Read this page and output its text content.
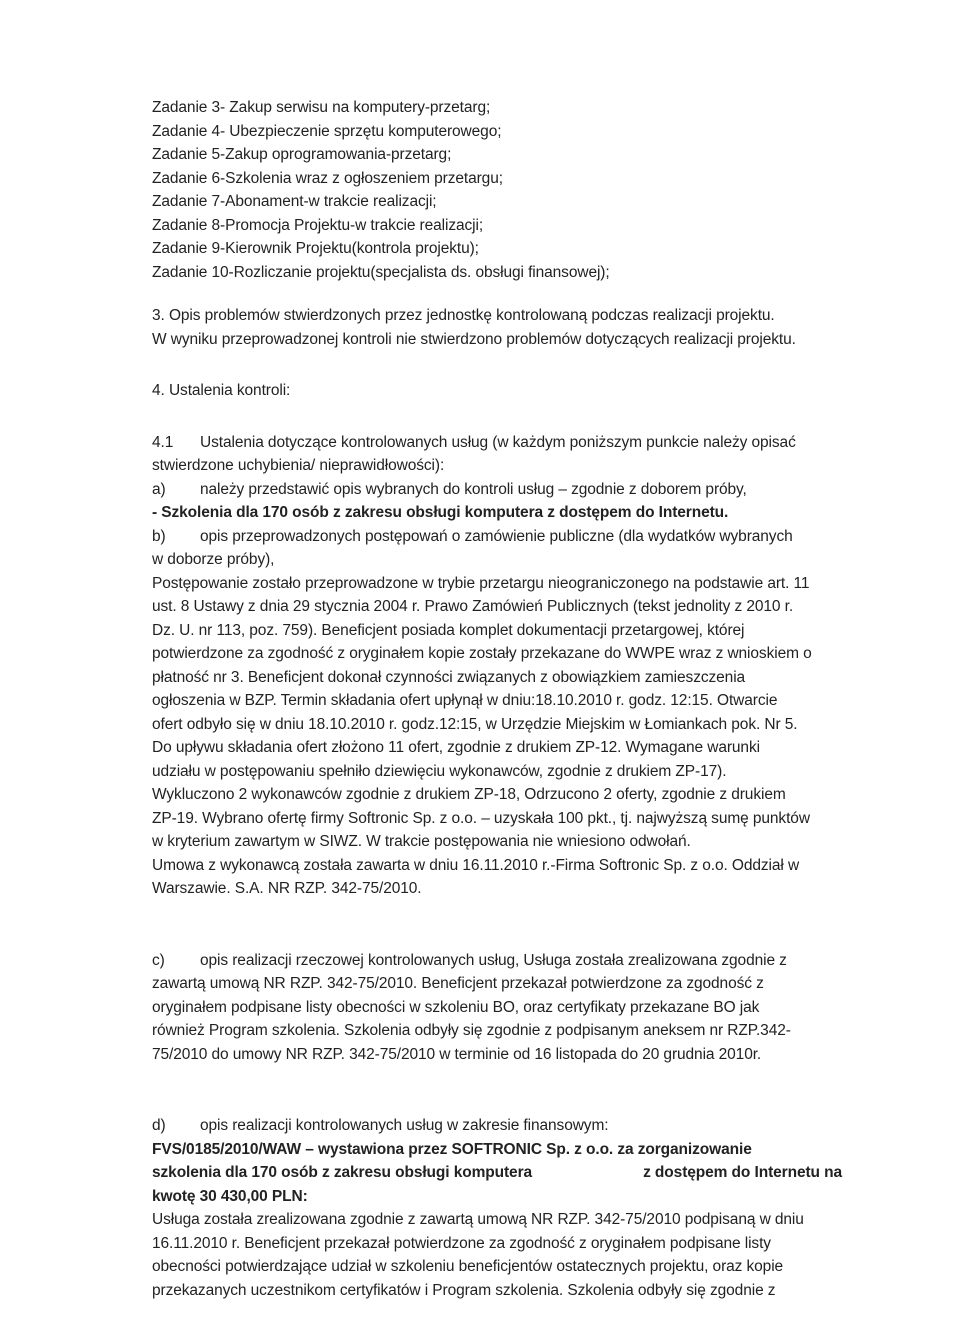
Zadanie 3- Zakup serwisu na komputery-przetarg;
Zadanie 4- Ubezpieczenie sprzętu komputerowego;
Zadanie 5-Zakup oprogramowania-przetarg;
Zadanie 6-Szkolenia wraz z ogłoszeniem przetargu;
Zadanie 7-Abonament-w trakcie realizacji;
Zadanie 8-Promocja Projektu-w trakcie realizacji;
Zadanie 9-Kierownik Projektu(kontrola projektu);
Zadanie 10-Rozliczanie projektu(specjalista ds. obsługi finansowej);
3. Opis problemów stwierdzonych przez jednostkę kontrolowaną podczas realizacji projektu.
W wyniku przeprowadzonej kontroli nie stwierdzono problemów dotyczących realizacji projektu.
4. Ustalenia kontroli:
4.1 Ustalenia dotyczące kontrolowanych usług (w każdym poniższym punkcie należy opisać
stwierdzone uchybienia/ nieprawidłowości):
a) należy przedstawić opis wybranych do kontroli usług – zgodnie z doborem próby,
- Szkolenia dla 170 osób z zakresu obsługi komputera z dostępem do Internetu.
b) opis przeprowadzonych postępowań o zamówienie publiczne (dla wydatków wybranych
w doborze próby),
Postępowanie zostało przeprowadzone w trybie przetargu nieograniczonego na podstawie art. 11
ust. 8 Ustawy z dnia 29 stycznia 2004 r. Prawo Zamówień Publicznych (tekst jednolity z 2010 r.
Dz. U. nr 113, poz. 759). Beneficjent posiada komplet dokumentacji przetargowej, której
potwierdzone za zgodność z oryginałem kopie zostały przekazane do WWPE wraz z wnioskiem o
płatność nr 3. Beneficjent dokonał czynności związanych z obowiązkiem zamieszczenia
ogłoszenia w BZP. Termin składania ofert upłynął w dniu:18.10.2010 r. godz. 12:15. Otwarcie
ofert odbyło się w dniu 18.10.2010 r. godz.12:15, w Urzędzie Miejskim w Łomiankach pok. Nr 5.
Do upływu składania ofert złożono 11 ofert, zgodnie z drukiem ZP-12. Wymagane warunki
udziału w postępowaniu spełniło dziewięciu wykonawców, zgodnie z drukiem ZP-17).
Wykluczono 2 wykonawców zgodnie z drukiem ZP-18, Odrzucono 2 oferty, zgodnie z drukiem
ZP-19. Wybrano ofertę firmy Softronic Sp. z o.o. – uzyskała 100 pkt., tj. najwyższą sumę punktów
w kryterium zawartym w SIWZ. W trakcie postępowania nie wniesiono odwołań.
Umowa z wykonawcą została zawarta w dniu 16.11.2010 r.-Firma Softronic Sp. z o.o. Oddział w
Warszawie. S.A. NR RZP. 342-75/2010.
c) opis realizacji rzeczowej kontrolowanych usług, Usługa została zrealizowana zgodnie z
zawartą umową NR RZP. 342-75/2010. Beneficjent przekazał potwierdzone za zgodność z
oryginałem podpisane listy obecności w szkoleniu BO, oraz certyfikaty przekazane BO jak
również Program szkolenia. Szkolenia odbyły się zgodnie z podpisanym aneksem nr RZP.342-
75/2010 do umowy NR RZP. 342-75/2010 w terminie od 16 listopada do 20 grudnia 2010r.
d) opis realizacji kontrolowanych usług w zakresie finansowym:
FVS/0185/2010/WAW – wystawiona przez SOFTRONIC Sp. z o.o. za zorganizowanie
szkolenia dla 170 osób z zakresu obsługi komputera	z dostępem do Internetu na
kwotę 30 430,00 PLN:
Usługa została zrealizowana zgodnie z zawartą umową NR RZP. 342-75/2010 podpisaną w dniu
16.11.2010 r. Beneficjent przekazał potwierdzone za zgodność z oryginałem podpisane listy
obecności potwierdzające udział w szkoleniu beneficjentów ostatecznych projektu, oraz kopie
przekazanych uczestnikom certyfikatów i Program szkolenia. Szkolenia odbyły się zgodnie z
